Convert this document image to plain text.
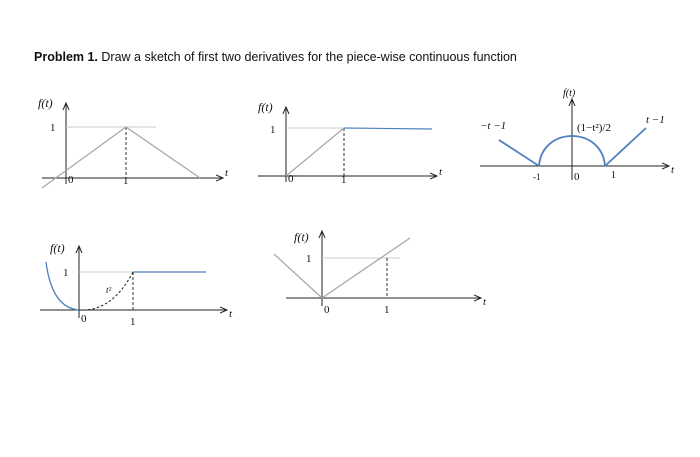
Problem 1. Draw a sketch of first two derivatives for the piece-wise continuous function
f(t)
1
0	1
t
f(t)
1
0	1
t
f(t)
−t −1	t −1
(1−t²)/2
-1	0	1	t
f(t)
1
t²
0	1
t
f(t)
1
0	1
t
